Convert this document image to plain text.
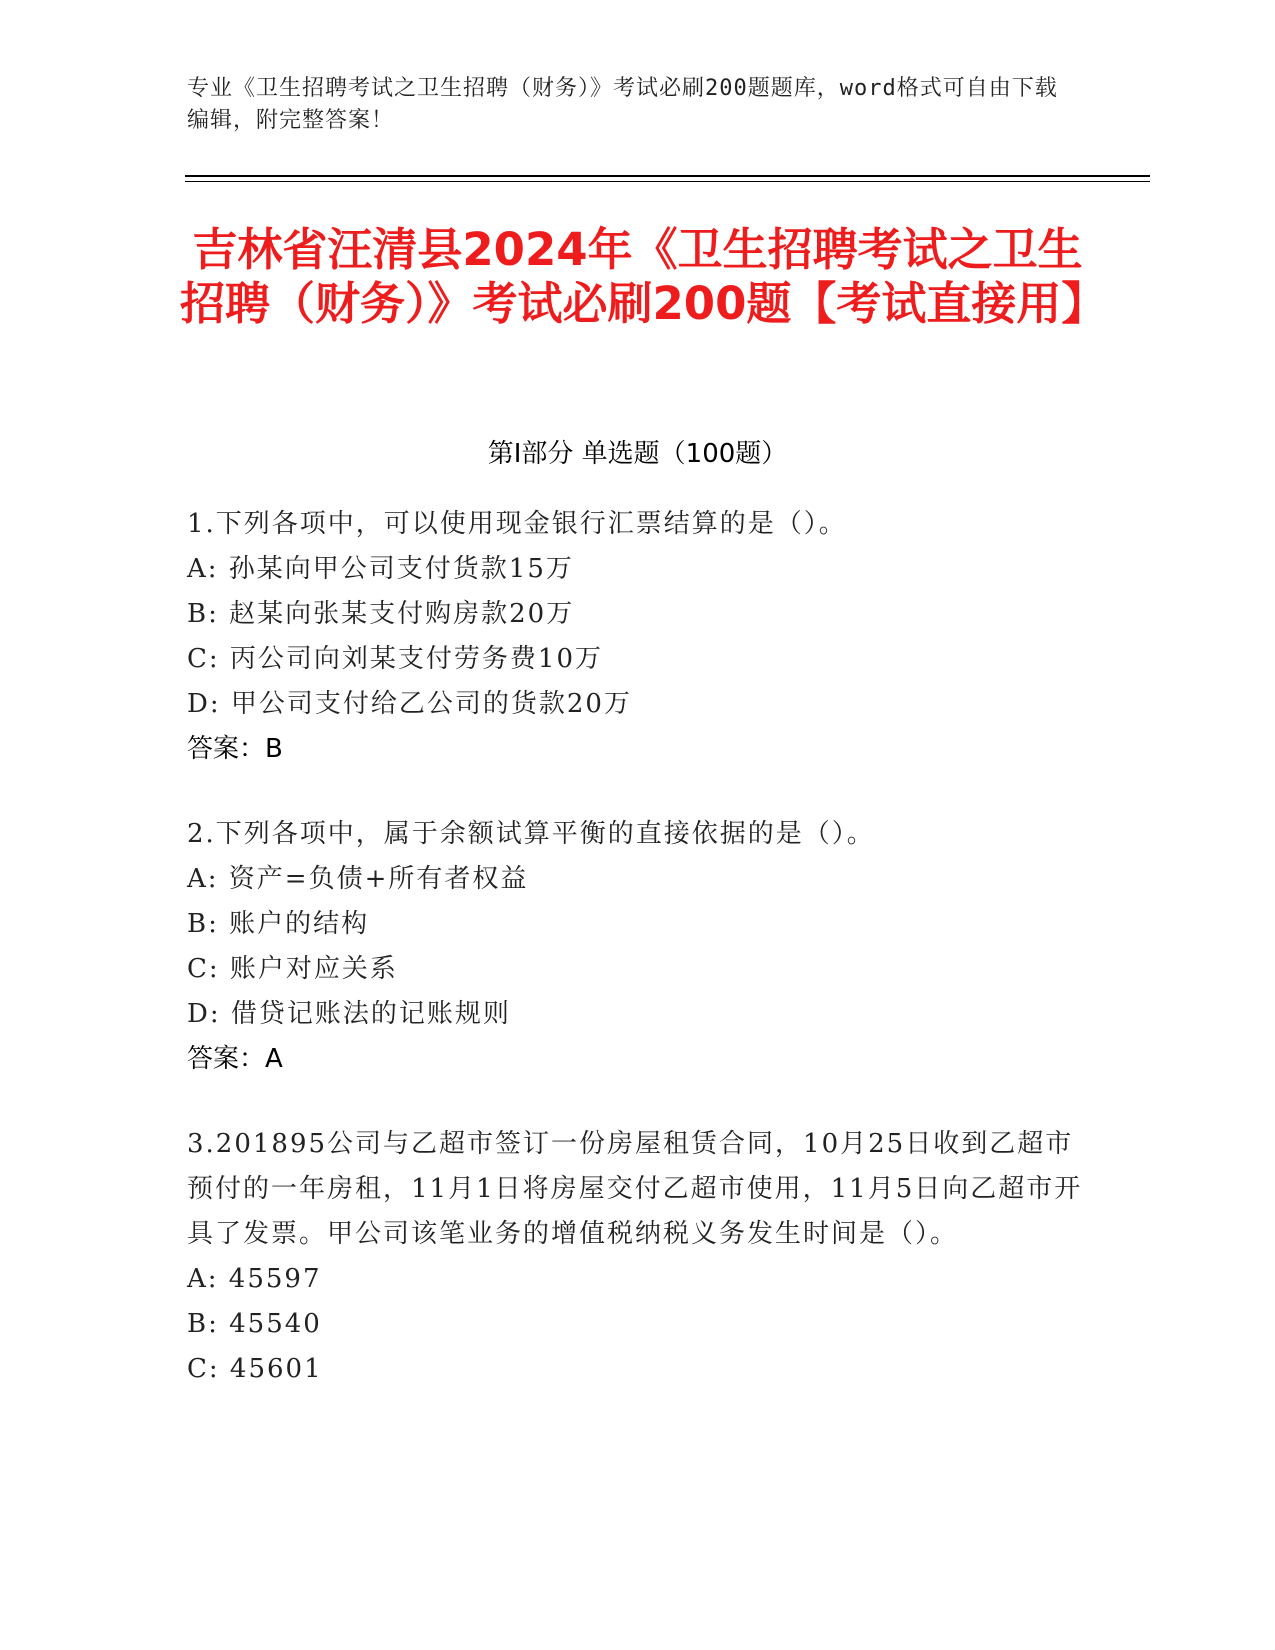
专业《卫生招聘考试之卫生招聘（财务）》考试必刷200题题库，word格式可自由下载编辑，附完整答案！
吉林省汪清县2024年《卫生招聘考试之卫生招聘（财务）》考试必刷200题【考试直接用】
第I部分 单选题（100题）
1.下列各项中，可以使用现金银行汇票结算的是（）。
A: 孙某向甲公司支付货款15万
B: 赵某向张某支付购房款20万
C: 丙公司向刘某支付劳务费10万
D: 甲公司支付给乙公司的货款20万
答案：B
2.下列各项中，属于余额试算平衡的直接依据的是（）。
A: 资产=负债+所有者权益
B: 账户的结构
C: 账户对应关系
D: 借贷记账法的记账规则
答案：A
3.201895公司与乙超市签订一份房屋租赁合同，10月25日收到乙超市预付的一年房租，11月1日将房屋交付乙超市使用，11月5日向乙超市开具了发票。甲公司该笔业务的增值税纳税义务发生时间是（）。
A: 45597
B: 45540
C: 45601
